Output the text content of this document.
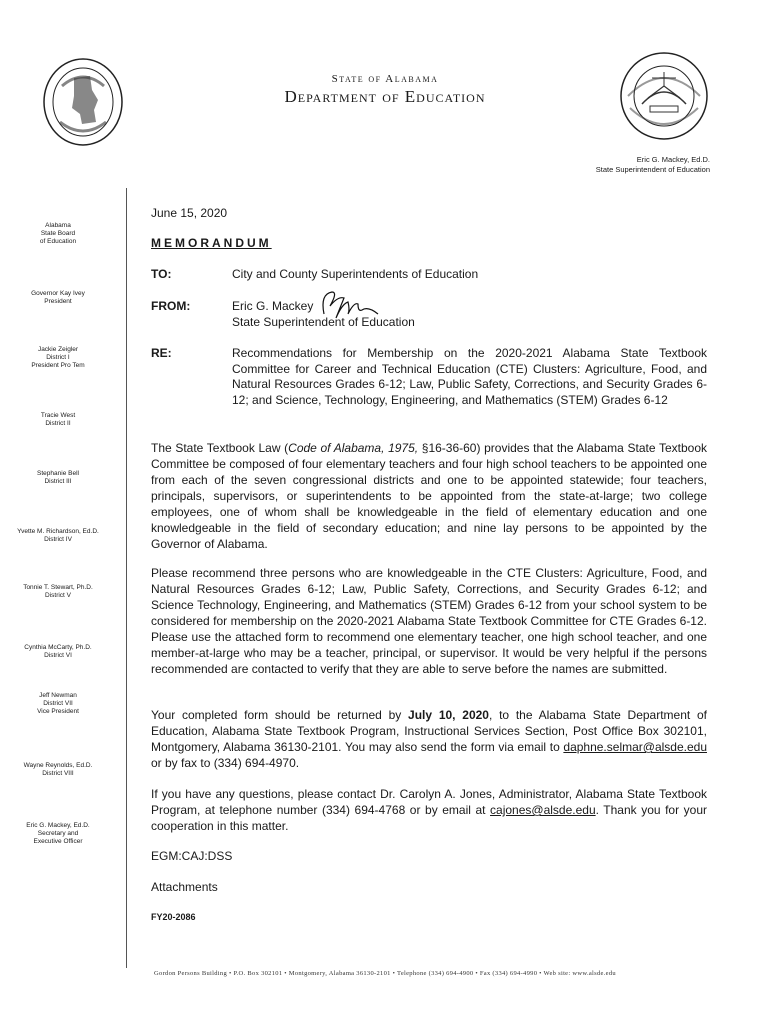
State of Alabama
Department of Education
Eric G. Mackey, Ed.D.
State Superintendent of Education
Alabama
State Board
of Education
Governor Kay Ivey
President
Jackie Zeigler
District I
President Pro Tem
Tracie West
District II
Stephanie Bell
District III
Yvette M. Richardson, Ed.D.
District IV
Tonnie T. Stewart, Ph.D.
District V
Cynthia McCarty, Ph.D.
District VI
Jeff Newman
District VII
Vice President
Wayne Reynolds, Ed.D.
District VIII
Eric G. Mackey, Ed.D.
Secretary and
Executive Officer
June 15, 2020
MEMORANDUM
TO:	City and County Superintendents of Education
FROM:	Eric G. Mackey
State Superintendent of Education
RE:	Recommendations for Membership on the 2020-2021 Alabama State Textbook Committee for Career and Technical Education (CTE) Clusters: Agriculture, Food, and Natural Resources Grades 6-12; Law, Public Safety, Corrections, and Security Grades 6-12; and Science, Technology, Engineering, and Mathematics (STEM) Grades 6-12
The State Textbook Law (Code of Alabama, 1975, §16-36-60) provides that the Alabama State Textbook Committee be composed of four elementary teachers and four high school teachers to be appointed one from each of the seven congressional districts and one to be appointed statewide; four teachers, principals, supervisors, or superintendents to be appointed from the state-at-large; two college employees, one of whom shall be knowledgeable in the field of elementary education and one knowledgeable in the field of secondary education; and nine lay persons to be appointed by the Governor of Alabama.
Please recommend three persons who are knowledgeable in the CTE Clusters: Agriculture, Food, and Natural Resources Grades 6-12; Law, Public Safety, Corrections, and Security Grades 6-12; and Science Technology, Engineering, and Mathematics (STEM) Grades 6-12 from your school system to be considered for membership on the 2020-2021 Alabama State Textbook Committee for CTE Grades 6-12. Please use the attached form to recommend one elementary teacher, one high school teacher, and one member-at-large who may be a teacher, principal, or supervisor. It would be very helpful if the persons recommended are contacted to verify that they are able to serve before the names are submitted.
Your completed form should be returned by July 10, 2020, to the Alabama State Department of Education, Alabama State Textbook Program, Instructional Services Section, Post Office Box 302101, Montgomery, Alabama 36130-2101. You may also send the form via email to daphne.selmar@alsde.edu or by fax to (334) 694-4970.
If you have any questions, please contact Dr. Carolyn A. Jones, Administrator, Alabama State Textbook Program, at telephone number (334) 694-4768 or by email at cajones@alsde.edu. Thank you for your cooperation in this matter.
EGM:CAJ:DSS
Attachments
FY20-2086
Gordon Persons Building • P.O. Box 302101 • Montgomery, Alabama 36130-2101 • Telephone (334) 694-4900 • Fax (334) 694-4990 • Web site: www.alsde.edu
